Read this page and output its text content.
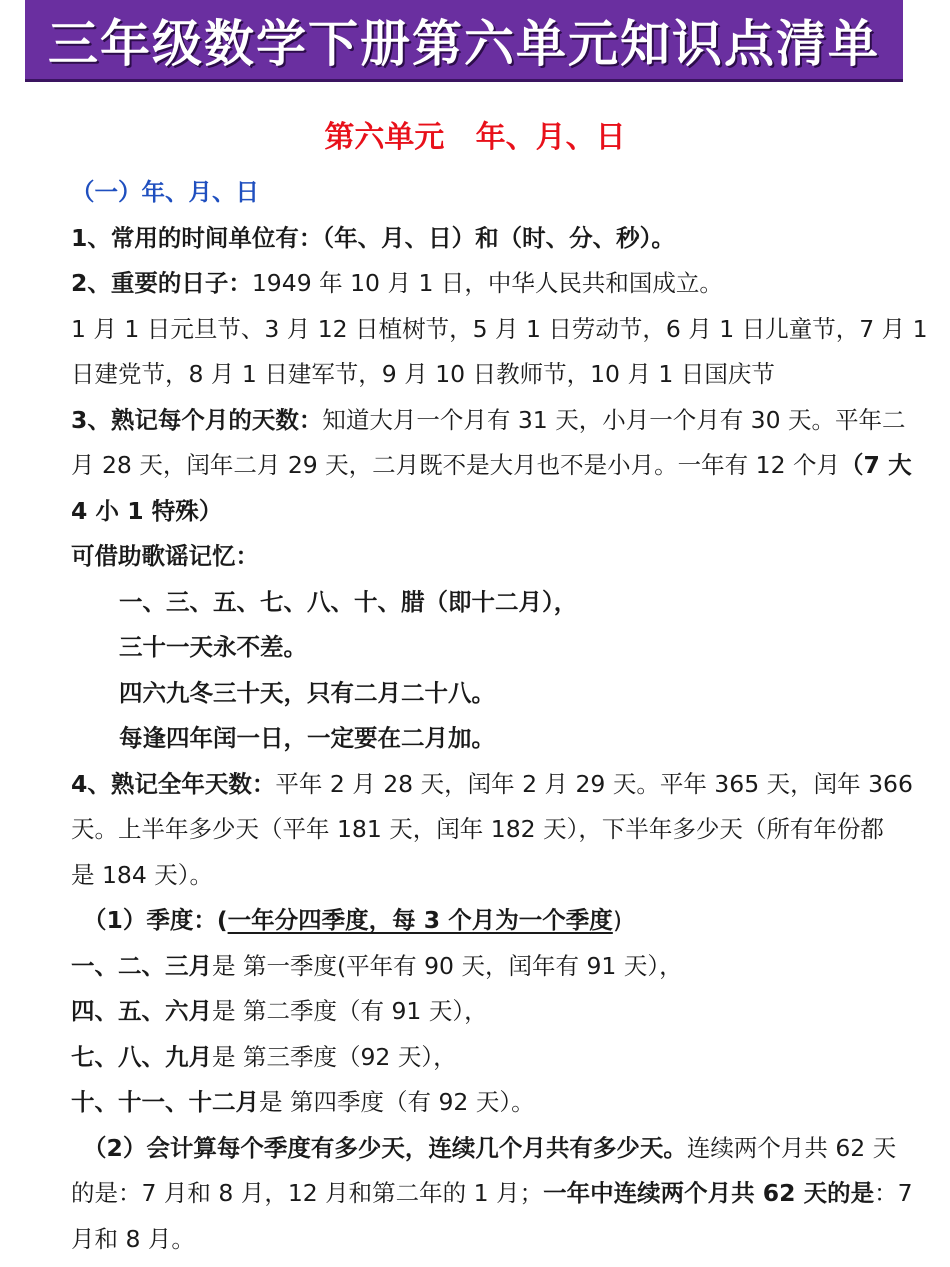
三年级数学下册第六单元知识点清单
第六单元   年、月、日
（一）年、月、日
1、常用的时间单位有：（年、月、日）和（时、分、秒）。
2、重要的日子：1949 年 10 月 1 日，中华人民共和国成立。
1 月 1 日元旦节、3 月 12 日植树节，5 月 1 日劳动节，6 月 1 日儿童节，7 月 1
日建党节，8 月 1 日建军节，9 月 10 日教师节，10 月 1 日国庆节
3、熟记每个月的天数：知道大月一个月有 31 天，小月一个月有 30 天。平年二
月 28 天，闰年二月 29 天，二月既不是大月也不是小月。一年有 12 个月（7 大
4 小 1 特殊）
可借助歌谣记忆：
一、三、五、七、八、十、腊（即十二月），
三十一天永不差。
四六九冬三十天，只有二月二十八。
每逢四年闰一日，一定要在二月加。
4、熟记全年天数：平年 2 月 28 天，闰年 2 月 29 天。平年 365 天，闰年 366
天。上半年多少天（平年 181 天，闰年 182 天），下半年多少天（所有年份都
是 184 天）。
（1）季度：(一年分四季度，每 3 个月为一个季度)
一、二、三月是 第一季度(平年有 90 天，闰年有 91 天），
四、五、六月是 第二季度（有 91 天），
七、八、九月是 第三季度（92 天），
十、十一、十二月是 第四季度（有 92 天）。
（2）会计算每个季度有多少天，连续几个月共有多少天。连续两个月共 62 天
的是：7 月和 8 月，12 月和第二年的 1 月；一年中连续两个月共 62 天的是：7
月和 8 月。
